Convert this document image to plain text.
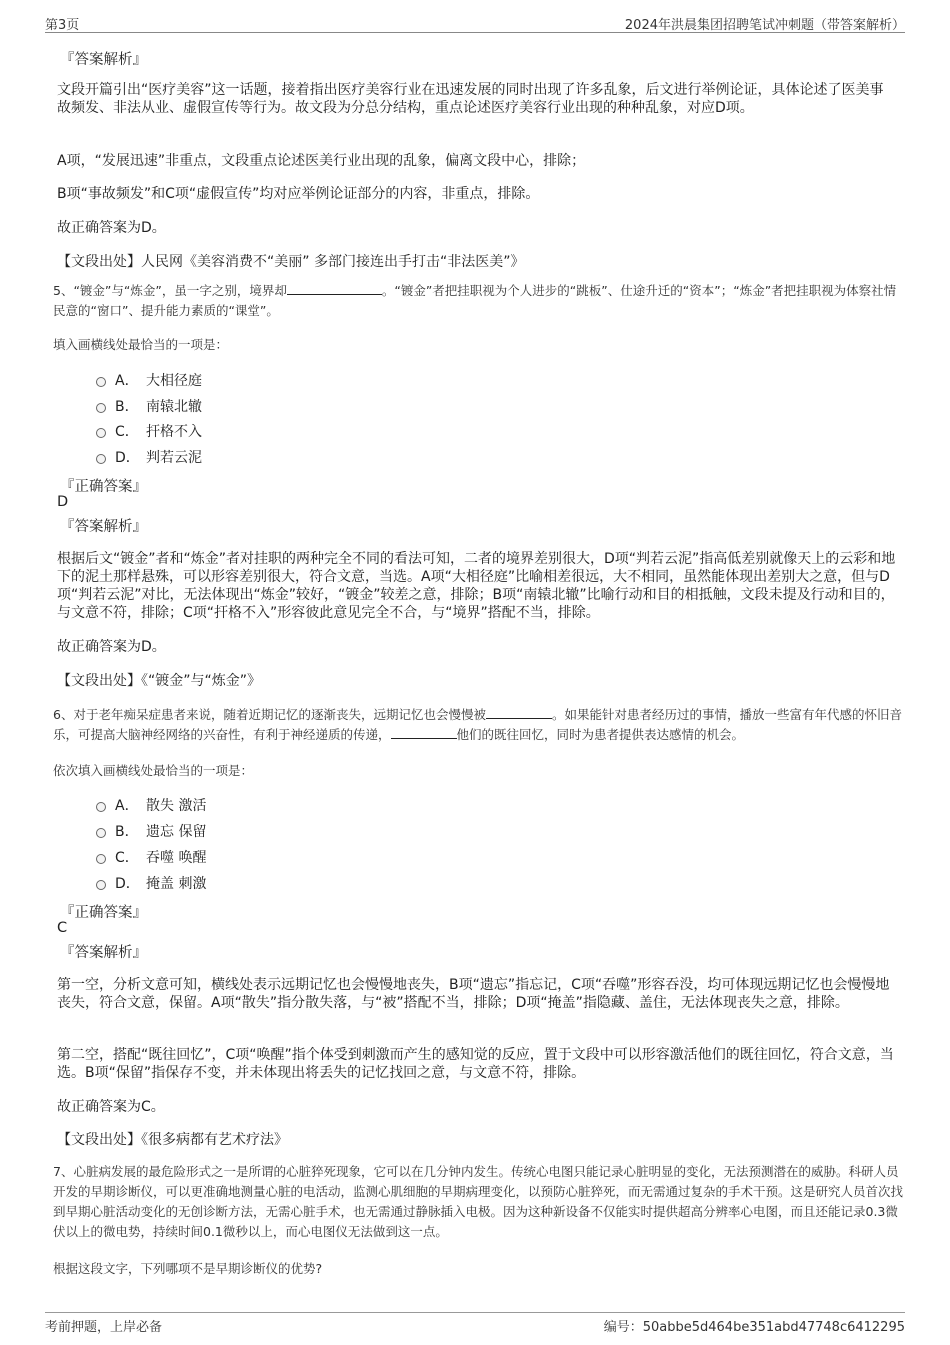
第3页	2024年洪晨集团招聘笔试冲刺题（带答案解析）
『答案解析』
文段开篇引出“医疗美容”这一话题，接着指出医疗美容行业在迅速发展的同时出现了许多乱象，后文进行举例论证，具体论述了医美事故频发、非法从业、虚假宣传等行为。故文段为分总分结构，重点论述医疗美容行业出现的种种乱象，对应D项。
A项，“发展迅速”非重点，文段重点论述医美行业出现的乱象，偏离文段中心，排除；
B项“事故频发”和C项“虚假宣传”均对应举例论证部分的内容，非重点，排除。
故正确答案为D。
【文段出处】人民网《美容消费不“美丽” 多部门接连出手打击“非法医美”》
5、“镀金”与“炼金”，虽一字之别，境界却	。“镀金”者把挂职视为个人进步的“跳板”、仕途升迁的“资本”；“炼金”者把挂职视为体察社情民意的“窗口”、提升能力素质的“课堂”。
填入画横线处最恰当的一项是：
A． 大相径庭
B． 南辕北辙
C． 扞格不入
D． 判若云泥
『正确答案』
D
『答案解析』
根据后文“镀金”者和“炼金”者对挂职的两种完全不同的看法可知，二者的境界差别很大，D项“判若云泥”指高低差别就像天上的云彩和地下的泥土那样悬殊，可以形容差别很大，符合文意，当选。A项“大相径庭”比喻相差很远，大不相同，虽然能体现出差别大之意，但与D项“判若云泥”对比，无法体现出“炼金”较好，“镀金”较差之意，排除；B项“南辕北辙”比喻行动和目的相抵触，文段未提及行动和目的，与文意不符，排除；C项“扞格不入”形容彼此意见完全不合，与“境界”搭配不当，排除。
故正确答案为D。
【文段出处】《“镀金”与“炼金”》
6、对于老年痴呆症患者来说，随着近期记忆的逐渐丧失，远期记忆也会慢慢被	。如果能针对患者经历过的事情，播放一些富有年代感的怀旧音乐，可提高大脑神经网络的兴奋性，有利于神经递质的传递，	他们的既往回忆，同时为患者提供表达感情的机会。
依次填入画横线处最恰当的一项是：
A． 散失 激活
B． 遗忘 保留
C． 吞噬 唤醒
D． 掩盖 刺激
『正确答案』
C
『答案解析』
第一空，分析文意可知，横线处表示远期记忆也会慢慢地丧失，B项“遗忘”指忘记，C项“吞噬”形容吞没，均可体现远期记忆也会慢慢地丧失，符合文意，保留。A项“散失”指分散失落，与“被”搭配不当，排除；D项“掩盖”指隐藏、盖住，无法体现丧失之意，排除。
第二空，搭配“既往回忆”，C项“唤醒”指个体受到刺激而产生的感知觉的反应，置于文段中可以形容激活他们的既往回忆，符合文意，当选。B项“保留”指保存不变，并未体现出将丢失的记忆找回之意，与文意不符，排除。
故正确答案为C。
【文段出处】《很多病都有艺术疗法》
7、心脏病发展的最危险形式之一是所谓的心脏猝死现象，它可以在几分钟内发生。传统心电图只能记录心脏明显的变化，无法预测潜在的威胁。科研人员开发的早期诊断仪，可以更准确地测量心脏的电活动，监测心肌细胞的早期病理变化，以预防心脏猝死，而无需通过复杂的手术干预。这是研究人员首次找到早期心脏活动变化的无创诊断方法，无需心脏手术，也无需通过静脉插入电极。因为这种新设备不仅能实时提供超高分辨率心电图，而且还能记录0.3微伏以上的微电势，持续时间0.1微秒以上，而心电图仪无法做到这一点。
根据这段文字，下列哪项不是早期诊断仪的优势?
考前押题，上岸必备	编号：50abbe5d464be351abd47748c6412295
